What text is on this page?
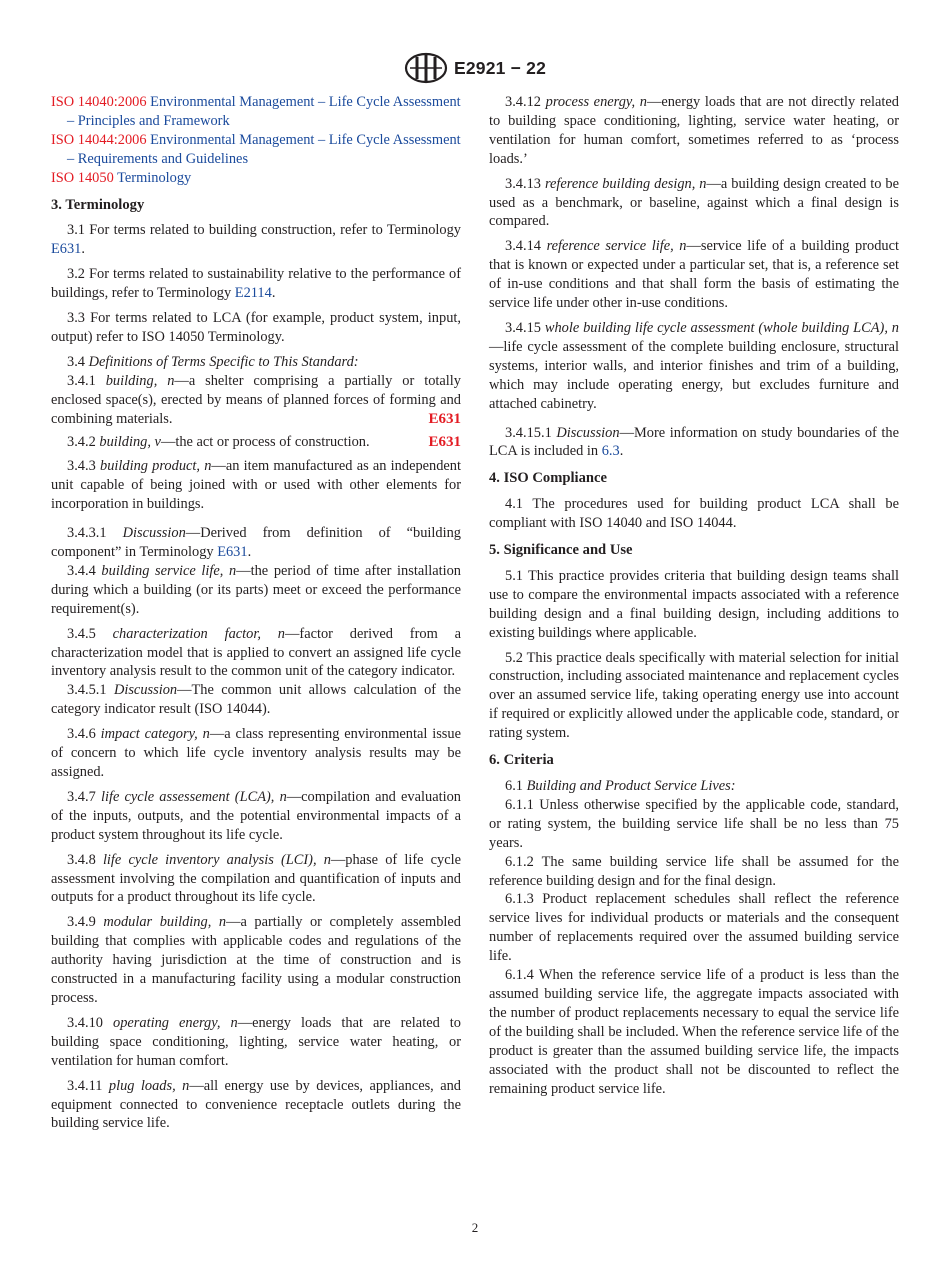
E2921 − 22

ISO 14040:2006 Environmental Management – Life Cycle Assessment – Principles and Framework

ISO 14044:2006 Environmental Management – Life Cycle Assessment – Requirements and Guidelines

ISO 14050 Terminology

3. Terminology

3.1 For terms related to building construction, refer to Terminology E631.

3.2 For terms related to sustainability relative to the performance of buildings, refer to Terminology E2114.

3.3 For terms related to LCA (for example, product system, input, output) refer to ISO 14050 Terminology.

3.4 Definitions of Terms Specific to This Standard:

3.4.1 building, n—a shelter comprising a partially or totally enclosed space(s), erected by means of planned forces of forming and combining materials.	E631

3.4.2 building, v—the act or process of construction.	E631

3.4.3 building product, n—an item manufactured as an independent unit capable of being joined with or used with other elements for incorporation in buildings.

3.4.3.1 Discussion—Derived from definition of “building component” in Terminology E631.

3.4.4 building service life, n—the period of time after installation during which a building (or its parts) meet or exceed the performance requirement(s).

3.4.5 characterization factor, n—factor derived from a characterization model that is applied to convert an assigned life cycle inventory analysis result to the common unit of the category indicator.

3.4.5.1 Discussion—The common unit allows calculation of the category indicator result (ISO 14044).

3.4.6 impact category, n—a class representing environmental issue of concern to which life cycle inventory analysis results may be assigned.

3.4.7 life cycle assessement (LCA), n—compilation and evaluation of the inputs, outputs, and the potential environmental impacts of a product system throughout its life cycle.

3.4.8 life cycle inventory analysis (LCI), n—phase of life cycle assessment involving the compilation and quantification of inputs and outputs for a product throughout its life cycle.

3.4.9 modular building, n—a partially or completely assembled building that complies with applicable codes and regulations of the authority having jurisdiction at the time of construction and is constructed in a manufacturing facility using a modular construction process.

3.4.10 operating energy, n—energy loads that are related to building space conditioning, lighting, service water heating, or ventilation for human comfort.

3.4.11 plug loads, n—all energy use by devices, appliances, and equipment connected to convenience receptacle outlets during the building service life.

3.4.12 process energy, n—energy loads that are not directly related to building space conditioning, lighting, service water heating, or ventilation for human comfort, sometimes referred to as ‘process loads.’

3.4.13 reference building design, n—a building design created to be used as a benchmark, or baseline, against which a final design is compared.

3.4.14 reference service life, n—service life of a building product that is known or expected under a particular set, that is, a reference set of in-use conditions and that shall form the basis of estimating the service life under other in-use conditions.

3.4.15 whole building life cycle assessment (whole building LCA), n—life cycle assessment of the complete building enclosure, structural systems, interior walls, and interior finishes and trim of a building, which may include operating energy, but excludes furniture and attached cabinetry.

3.4.15.1 Discussion—More information on study boundaries of the LCA is included in 6.3.

4. ISO Compliance

4.1 The procedures used for building product LCA shall be compliant with ISO 14040 and ISO 14044.

5. Significance and Use

5.1 This practice provides criteria that building design teams shall use to compare the environmental impacts associated with a reference building design and a final building design, including additions to existing buildings where applicable.

5.2 This practice deals specifically with material selection for initial construction, including associated maintenance and replacement cycles over an assumed service life, taking operating energy use into account if required or explicitly allowed under the applicable code, standard, or rating system.

6. Criteria

6.1 Building and Product Service Lives:

6.1.1 Unless otherwise specified by the applicable code, standard, or rating system, the building service life shall be no less than 75 years.

6.1.2 The same building service life shall be assumed for the reference building design and for the final design.

6.1.3 Product replacement schedules shall reflect the reference service lives for individual products or materials and the consequent number of replacements required over the assumed building service life.

6.1.4 When the reference service life of a product is less than the assumed building service life, the aggregate impacts associated with the number of product replacements necessary to equal the service life of the building shall be included. When the reference service life of the product is greater than the assumed building service life, the impacts associated with the product shall not be discounted to reflect the remaining product service life.

2
